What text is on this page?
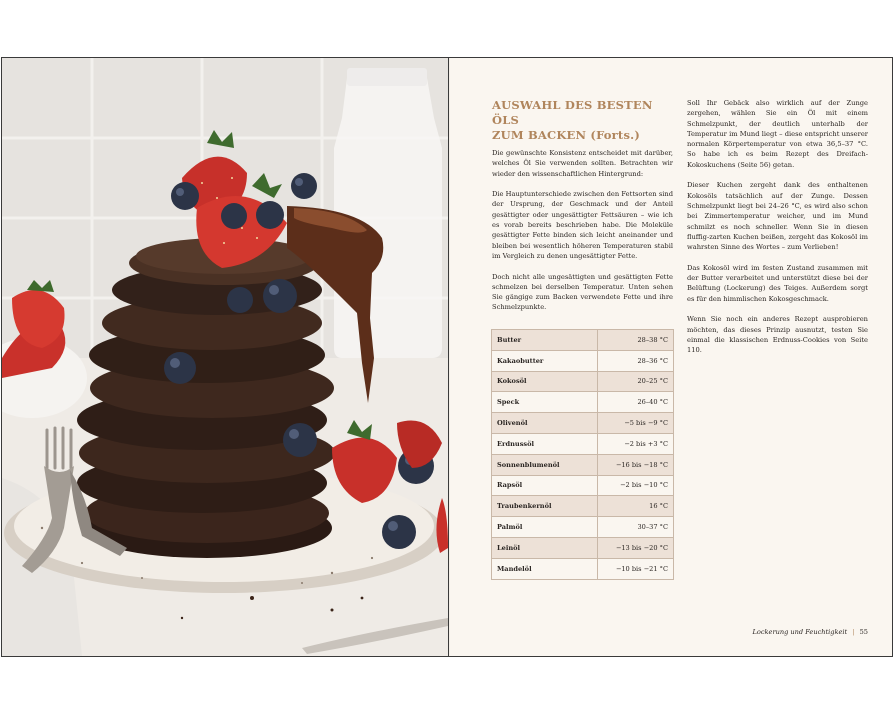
AUSWAHL DES BESTEN ÖLS
ZUM BACKEN (Forts.)

Die gewünschte Konsistenz entscheidet mit darüber, welches Öl Sie verwenden sollten. Betrachten wir wieder den wissenschaftlichen Hintergrund:

Die Hauptunterschiede zwischen den Fettsorten sind der Ursprung, der Geschmack und der Anteil gesättigter oder ungesättigter Fettsäuren – wie ich es vorab bereits beschrieben habe. Die Moleküle gesättigter Fette binden sich leicht aneinander und bleiben bei wesentlich höheren Temperaturen stabil im Vergleich zu denen ungesättigter Fette.

Doch nicht alle ungesättigten und gesättigten Fette schmelzen bei derselben Temperatur. Unten sehen Sie gängige zum Backen verwendete Fette und ihre Schmelzpunkte.

Butter	28–38 °C
Kakaobutter	28–36 °C
Kokosöl	20–25 °C
Speck	26–40 °C
Olivenöl	−5 bis −9 °C
Erdnussöl	−2 bis +3 °C
Sonnenblumenöl	−16 bis −18 °C
Rapsöl	−2 bis −10 °C
Traubenkernöl	16 °C
Palmöl	30–37 °C
Leinöl	−13 bis −20 °C
Mandelöl	−10 bis −21 °C

Soll Ihr Gebäck also wirklich auf der Zunge zergehen, wählen Sie ein Öl mit einem Schmelzpunkt, der deutlich unterhalb der Temperatur im Mund liegt – diese entspricht unserer normalen Körpertemperatur von etwa 36,5–37 °C. So habe ich es beim Rezept des Dreifach-Kokoskuchens (Seite 56) getan.

Dieser Kuchen zergeht dank des enthaltenen Kokosöls tatsächlich auf der Zunge. Dessen Schmelzpunkt liegt bei 24–26 °C, es wird also schon bei Zimmertemperatur weicher, und im Mund schmilzt es noch schneller. Wenn Sie in diesen fluffig-zarten Kuchen beißen, zergeht das Kokosöl im wahrsten Sinne des Wortes – zum Verlieben!

Das Kokosöl wird im festen Zustand zusammen mit der Butter verarbeitet und unterstützt diese bei der Belüftung (Lockerung) des Teiges. Außerdem sorgt es für den himmlischen Kokosgeschmack.

Wenn Sie noch ein anderes Rezept ausprobieren möchten, das dieses Prinzip ausnutzt, testen Sie einmal die klassischen Erdnuss-Cookies von Seite 110.

Lockerung und Feuchtigkeit | 55
